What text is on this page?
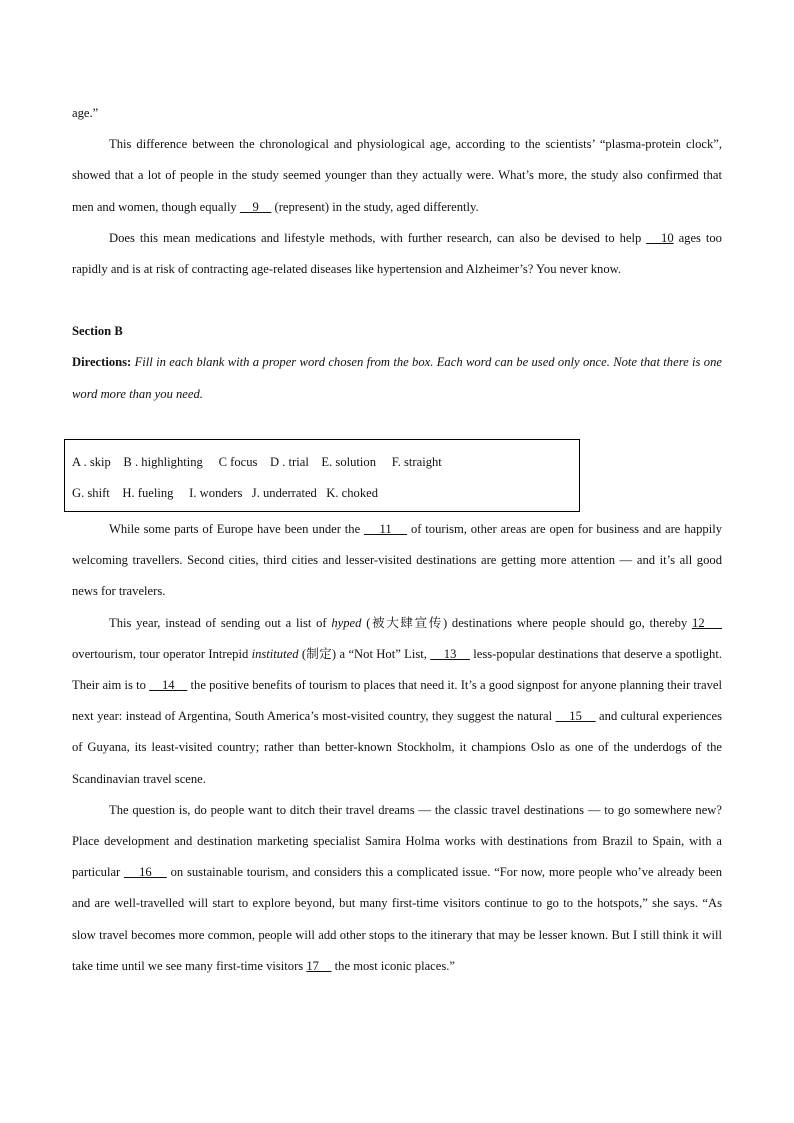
age.”

This difference between the chronological and physiological age, according to the scientists’ “plasma-protein clock”, showed that a lot of people in the study seemed younger than they actually were. What’s more, the study also confirmed that men and women, though equally     9     (represent) in the study, aged differently.

Does this mean medications and lifestyle methods, with further research, can also be devised to help    10 ages too rapidly and is at risk of contracting age-related diseases like hypertension and Alzheimer’s? You never know.

Section B

Directions: Fill in each blank with a proper word chosen from the box. Each word can be used only once. Note that there is one word more than you need.

A . skip    B . highlighting     C focus    D . trial    E. solution     F. straight
G. shift    H. fueling     I. wonders   J. underrated   K. choked

While some parts of Europe have been under the     11     of tourism, other areas are open for business and are happily welcoming travellers. Second cities, third cities and lesser-visited destinations are getting more attention — and it’s all good news for travelers.

This year, instead of sending out a list of hyped (被大肆宣传) destinations where people should go, thereby 12     overtourism, tour operator Intrepid instituted (制定) a “Not Hot” List,     13     less-popular destinations that deserve a spotlight. Their aim is to     14     the positive benefits of tourism to places that need it. It’s a good signpost for anyone planning their travel next year: instead of Argentina, South America’s most-visited country, they suggest the natural     15     and cultural experiences of Guyana, its least-visited country; rather than better-known Stockholm, it champions Oslo as one of the underdogs of the Scandinavian travel scene.

The question is, do people want to ditch their travel dreams — the classic travel destinations — to go somewhere new? Place development and destination marketing specialist Samira Holma works with destinations from Brazil to Spain, with a particular     16     on sustainable tourism, and considers this a complicated issue. “For now, more people who’ve already been and are well-travelled will start to explore beyond, but many first-time visitors continue to go to the hotspots,” she says. “As slow travel becomes more common, people will add other stops to the itinerary that may be lesser known. But I still think it will take time until we see many first-time visitors 17     the most iconic places.”
